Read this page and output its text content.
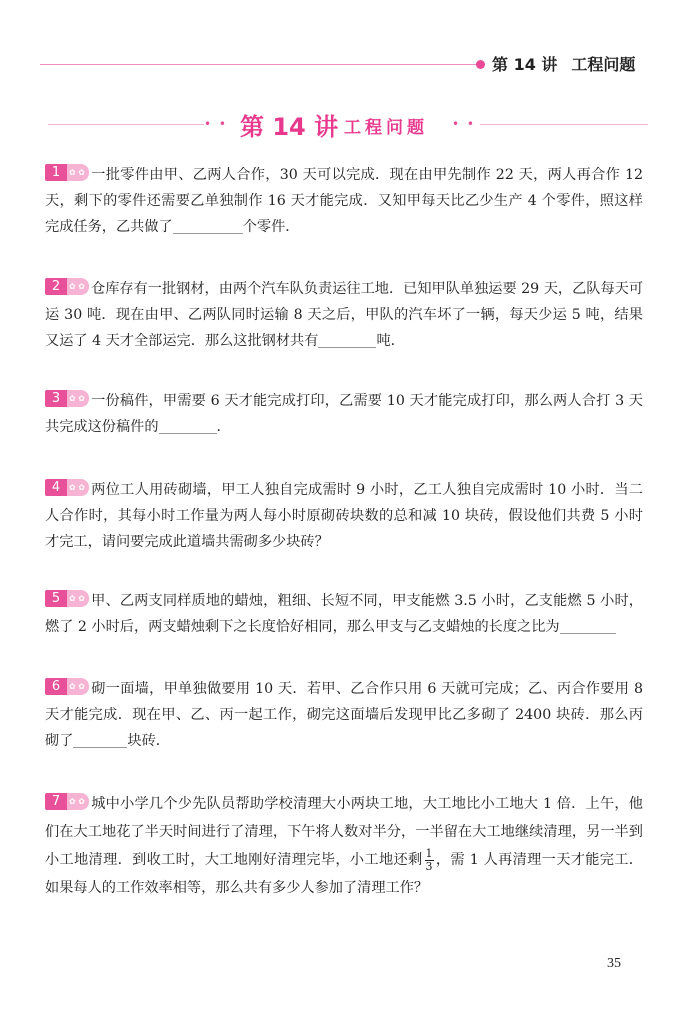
第 14 讲 工程问题
• • 第 14 讲 工程问题 • •
1 ✿ ✿	一批零件由甲、乙两人合作，30 天可以完成．现在由甲先制作 22 天，两人再合作 12 天，剩下的零件还需要乙单独制作 16 天才能完成．又知甲每天比乙少生产 4 个零件，照这样完成任务，乙共做了	个零件．
2 ✿ ✿	仓库存有一批钢材，由两个汽车队负责运往工地．已知甲队单独运要 29 天，乙队每天可运 30 吨．现在由甲、乙两队同时运输 8 天之后，甲队的汽车坏了一辆，每天少运 5 吨，结果又运了 4 天才全部运完．那么这批钢材共有	吨．
3 ✿ ✿	一份稿件，甲需要 6 天才能完成打印，乙需要 10 天才能完成打印，那么两人合打 3 天共完成这份稿件的	．
4 ✿ ✿	两位工人用砖砌墙，甲工人独自完成需时 9 小时，乙工人独自完成需时 10 小时．当二人合作时，其每小时工作量为两人每小时原砌砖块数的总和减 10 块砖，假设他们共费 5 小时才完工，请问要完成此道墙共需砌多少块砖？
5 ✿ ✿	甲、乙两支同样质地的蜡烛，粗细、长短不同，甲支能燃 3.5 小时，乙支能燃 5 小时，燃了 2 小时后，两支蜡烛剩下之长度恰好相同，那么甲支与乙支蜡烛的长度之比为
6 ✿ ✿	砌一面墙，甲单独做要用 10 天．若甲、乙合作只用 6 天就可完成；乙、丙合作要用 8 天才能完成．现在甲、乙、丙一起工作，砌完这面墙后发现甲比乙多砌了 2400 块砖．那么丙砌了	块砖．
7 ✿ ✿	城中小学几个少先队员帮助学校清理大小两块工地，大工地比小工地大 1 倍．上午，他们在大工地花了半天时间进行了清理，下午将人数对半分，一半留在大工地继续清理，另一半到小工地清理．到收工时，大工地刚好清理完毕，小工地还剩 $\frac{1}{3}$ ，需 1 人再清理一天才能完工．如果每人的工作效率相等，那么共有多少人参加了清理工作？
35
